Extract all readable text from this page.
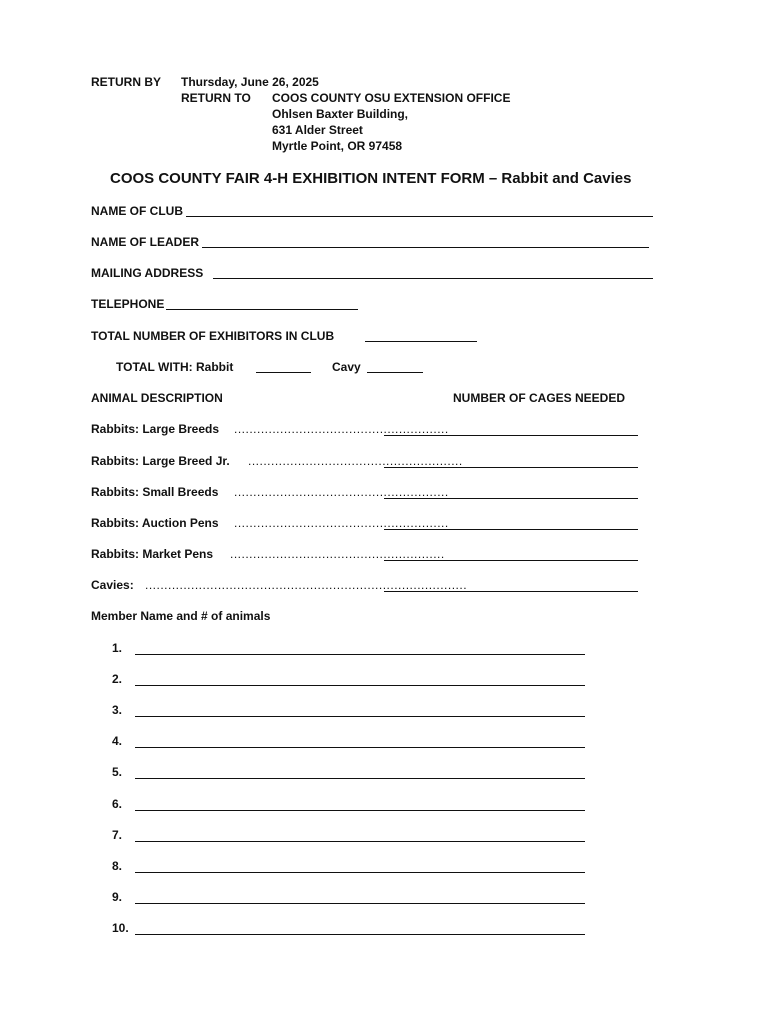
RETURN BY Thursday, June 26, 2025
RETURN TO COOS COUNTY OSU EXTENSION OFFICE
Ohlsen Baxter Building,
631 Alder Street
Myrtle Point, OR 97458
COOS COUNTY FAIR 4-H EXHIBITION INTENT FORM – Rabbit and Cavies
NAME OF CLUB
NAME OF LEADER
MAILING ADDRESS
TELEPHONE
TOTAL NUMBER OF EXHIBITORS IN CLUB
TOTAL WITH: Rabbit	Cavy
ANIMAL DESCRIPTION	NUMBER OF CAGES NEEDED
Rabbits: Large Breeds ........................................................
Rabbits: Large Breed Jr. ........................................................
Rabbits: Small Breeds ........................................................
Rabbits: Auction Pens ........................................................
Rabbits: Market Pens ........................................................
Cavies: ....................................................................................
Member Name and # of animals
1.
2.
3.
4.
5.
6.
7.
8.
9.
10.
